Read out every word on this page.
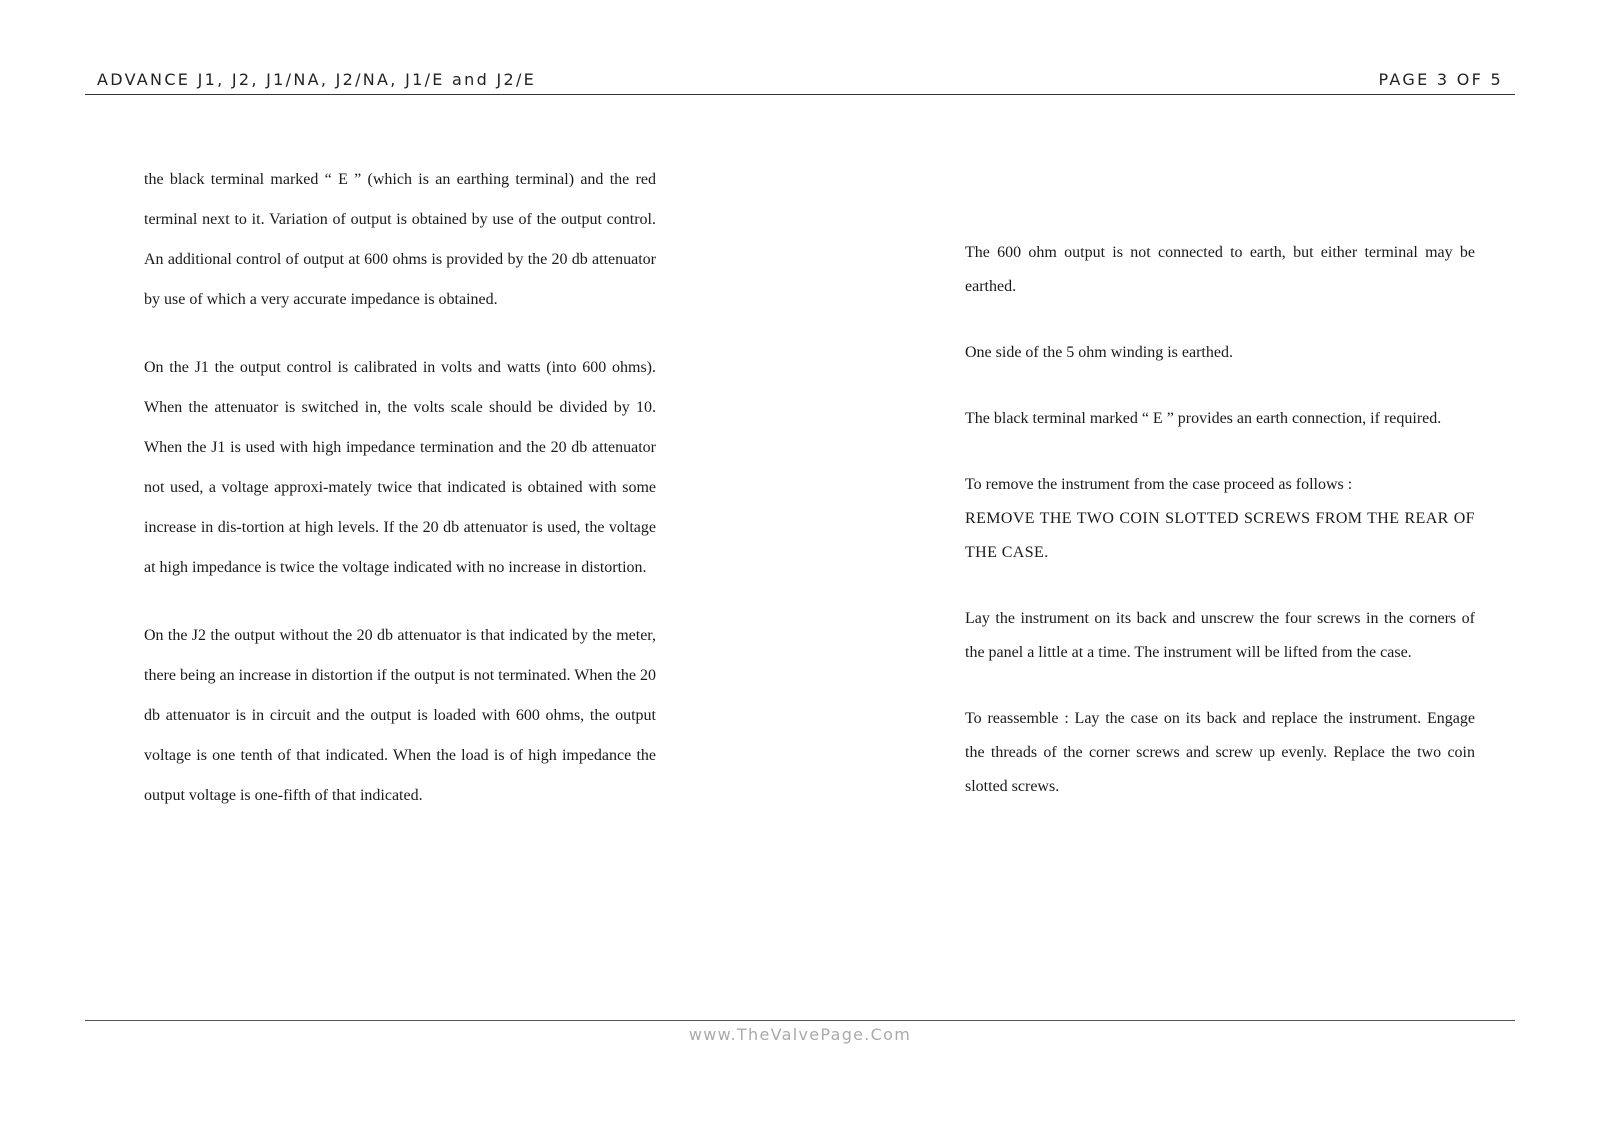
ADVANCE J1, J2, J1/NA, J2/NA, J1/E and J2/E	PAGE 3 OF 5

the black terminal marked “ E ” (which is an earthing terminal) and the red terminal next to it. Variation of output is obtained by use of the output control. An additional control of output at 600 ohms is provided by the 20 db attenuator by use of which a very accurate impedance is obtained.

On the J1 the output control is calibrated in volts and watts (into 600 ohms). When the attenuator is switched in, the volts scale should be divided by 10. When the J1 is used with high impedance termination and the 20 db attenuator not used, a voltage approxi-mately twice that indicated is obtained with some increase in dis-tortion at high levels. If the 20 db attenuator is used, the voltage at high impedance is twice the voltage indicated with no increase in distortion.

On the J2 the output without the 20 db attenuator is that indicated by the meter, there being an increase in distortion if the output is not terminated. When the 20 db attenuator is in circuit and the output is loaded with 600 ohms, the output voltage is one tenth of that indicated. When the load is of high impedance the output voltage is one-fifth of that indicated.

The 600 ohm output is not connected to earth, but either terminal may be earthed.

One side of the 5 ohm winding is earthed.

The black terminal marked “ E ” provides an earth connection, if required.

To remove the instrument from the case proceed as follows :
REMOVE THE TWO COIN SLOTTED SCREWS FROM THE REAR OF THE CASE.

Lay the instrument on its back and unscrew the four screws in the corners of the panel a little at a time. The instrument will be lifted from the case.

To reassemble : Lay the case on its back and replace the instrument. Engage the threads of the corner screws and screw up evenly. Replace the two coin slotted screws.

www.TheValvePage.Com
